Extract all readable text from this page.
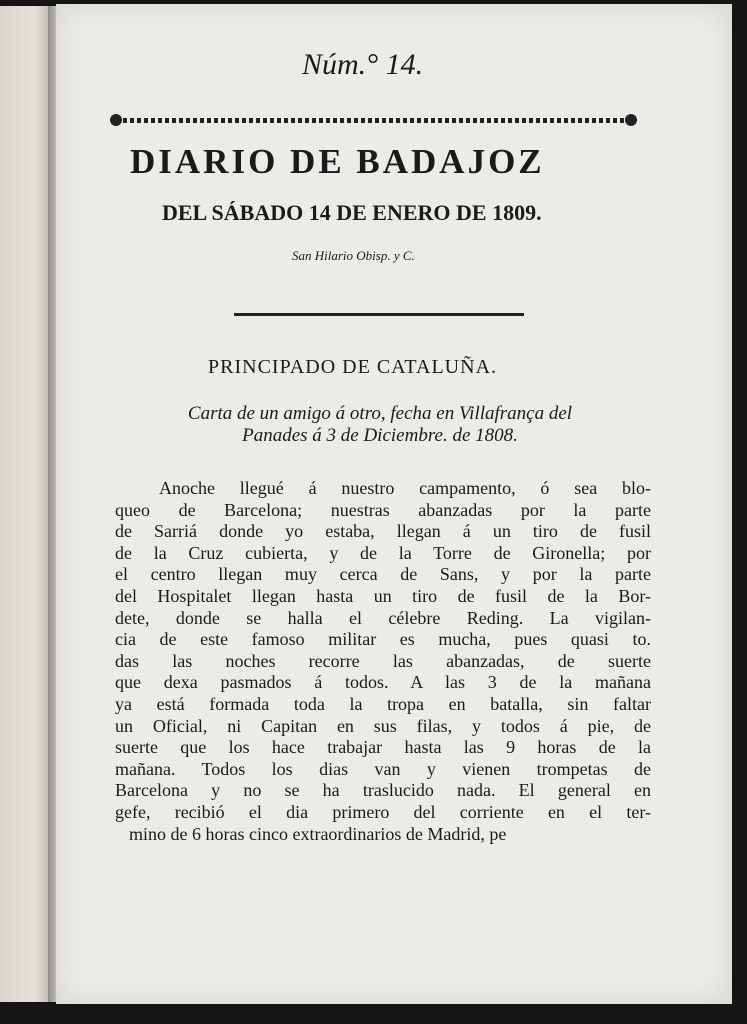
Núm.° 14.
DIARIO DE BADAJOZ
DEL SÁBADO 14 DE ENERO DE 1809.
San Hilario Obisp. y C.
PRINCIPADO DE CATALUÑA.
Carta de un amigo á otro, fecha en Villafrança del
Panades á 3 de Diciembre. de 1808.
Anoche llegué á nuestro campamento, ó sea blo-
queo de Barcelona; nuestras abanzadas por la parte
de Sarriá donde yo estaba, llegan á un tiro de fusil
de la Cruz cubierta, y de la Torre de Gironella; por
el centro llegan muy cerca de Sans, y por la parte
del Hospitalet llegan hasta un tiro de fusil de la Bor-
dete, donde se halla el célebre Reding. La vigilan-
cia de este famoso militar es mucha, pues quasi to.
das las noches recorre las abanzadas, de suerte
que dexa pasmados á todos. A las 3 de la mañana
ya está formada toda la tropa en batalla, sin faltar
un Oficial, ni Capitan en sus filas, y todos á pie, de
suerte que los hace trabajar hasta las 9 horas de la
mañana. Todos los dias van y vienen trompetas de
Barcelona y no se ha traslucido nada. El general en
gefe, recibió el dia primero del corriente en el ter-
mino de 6 horas cinco extraordinarios de Madrid, pe
